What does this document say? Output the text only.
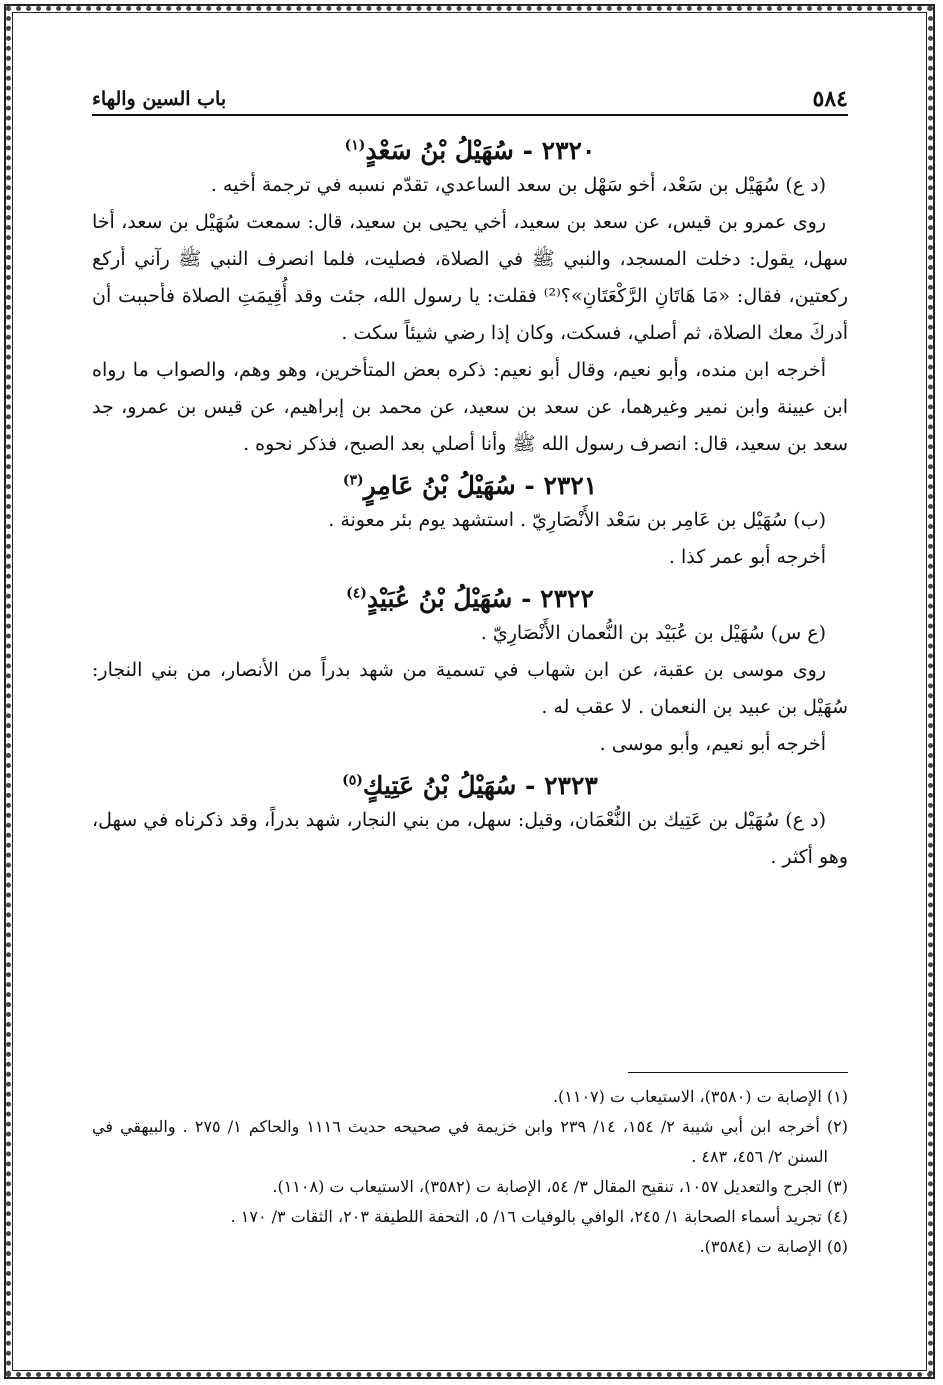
٥٨٤
باب السين والهاء
٢٣٢٠ - سُهَيْلُ بْنُ سَعْدٍ$^{(١)}$

(د ع) سُهَيْل بن سَعْد، أخو سَهْل بن سعد الساعدي، تقدّم نسبه في ترجمة أخيه .

روى عمرو بن قيس، عن سعد بن سعيد، أخي يحيى بن سعيد، قال: سمعت سُهَيْل بن سعد، أخا سهل، يقول: دخلت المسجد، والنبي ﷺ في الصلاة، فصليت، فلما انصرف النبي ﷺ رآني أركع ركعتين، فقال: «مَا هَاتَانِ الرَّكْعَتَانِ»؟⁽²⁾ فقلت: يا رسول الله، جئت وقد أُقِيمَتِ الصلاة فأحببت أن أدركَ معك الصلاة، ثم أصلي، فسكت، وكان إذا رضي شيئاً سكت .

أخرجه ابن منده، وأبو نعيم، وقال أبو نعيم: ذكره بعض المتأخرين، وهو وهم، والصواب ما رواه ابن عيينة وابن نمير وغيرهما، عن سعد بن سعيد، عن محمد بن إبراهيم، عن قيس بن عمرو، جد سعد بن سعيد، قال: انصرف رسول الله ﷺ وأنا أصلي بعد الصبح، فذكر نحوه .

٢٣٢١ - سُهَيْلُ بْنُ عَامِرٍ$^{(٣)}$

(ب) سُهَيْل بن عَامِر بن سَعْد الأَنْصَارِيّ . استشهد يوم بئر معونة .

أخرجه أبو عمر كذا .

٢٣٢٢ - سُهَيْلُ بْنُ عُبَيْدٍ$^{(٤)}$

(ع س) سُهَيْل بن عُبَيْد بن النُّعمان الأَنْصَارِيّ .

روى موسى بن عقبة، عن ابن شهاب في تسمية من شهد بدراً من الأنصار، من بني النجار: سُهَيْل بن عبيد بن النعمان . لا عقب له .

أخرجه أبو نعيم، وأبو موسى .

٢٣٢٣ - سُهَيْلُ بْنُ عَتِيكٍ$^{(٥)}$

(د ع) سُهَيْل بن عَتِيك بن النُّعْمَان، وقيل: سهل، من بني النجار، شهد بدراً، وقد ذكرناه في سهل، وهو أكثر .

(١) الإصابة ت (٣٥٨٠)، الاستيعاب ت (١١٠٧).

(٢) أخرجه ابن أبي شيبة ٢/ ١٥٤، ١٤/ ٢٣٩ وابن خزيمة في صحيحه حديث ١١١٦ والحاكم ١/ ٢٧٥ . والبيهقي في السنن ٢/ ٤٥٦، ٤٨٣ .

(٣) الجرح والتعديل ١٠٥٧، تنقيح المقال ٣/ ٥٤، الإصابة ت (٣٥٨٢)، الاستيعاب ت (١١٠٨).

(٤) تجريد أسماء الصحابة ١/ ٢٤٥، الوافي بالوفيات ١٦/ ٥، التحفة اللطيفة ٢٠٣، الثقات ٣/ ١٧٠ .

(٥) الإصابة ت (٣٥٨٤).
